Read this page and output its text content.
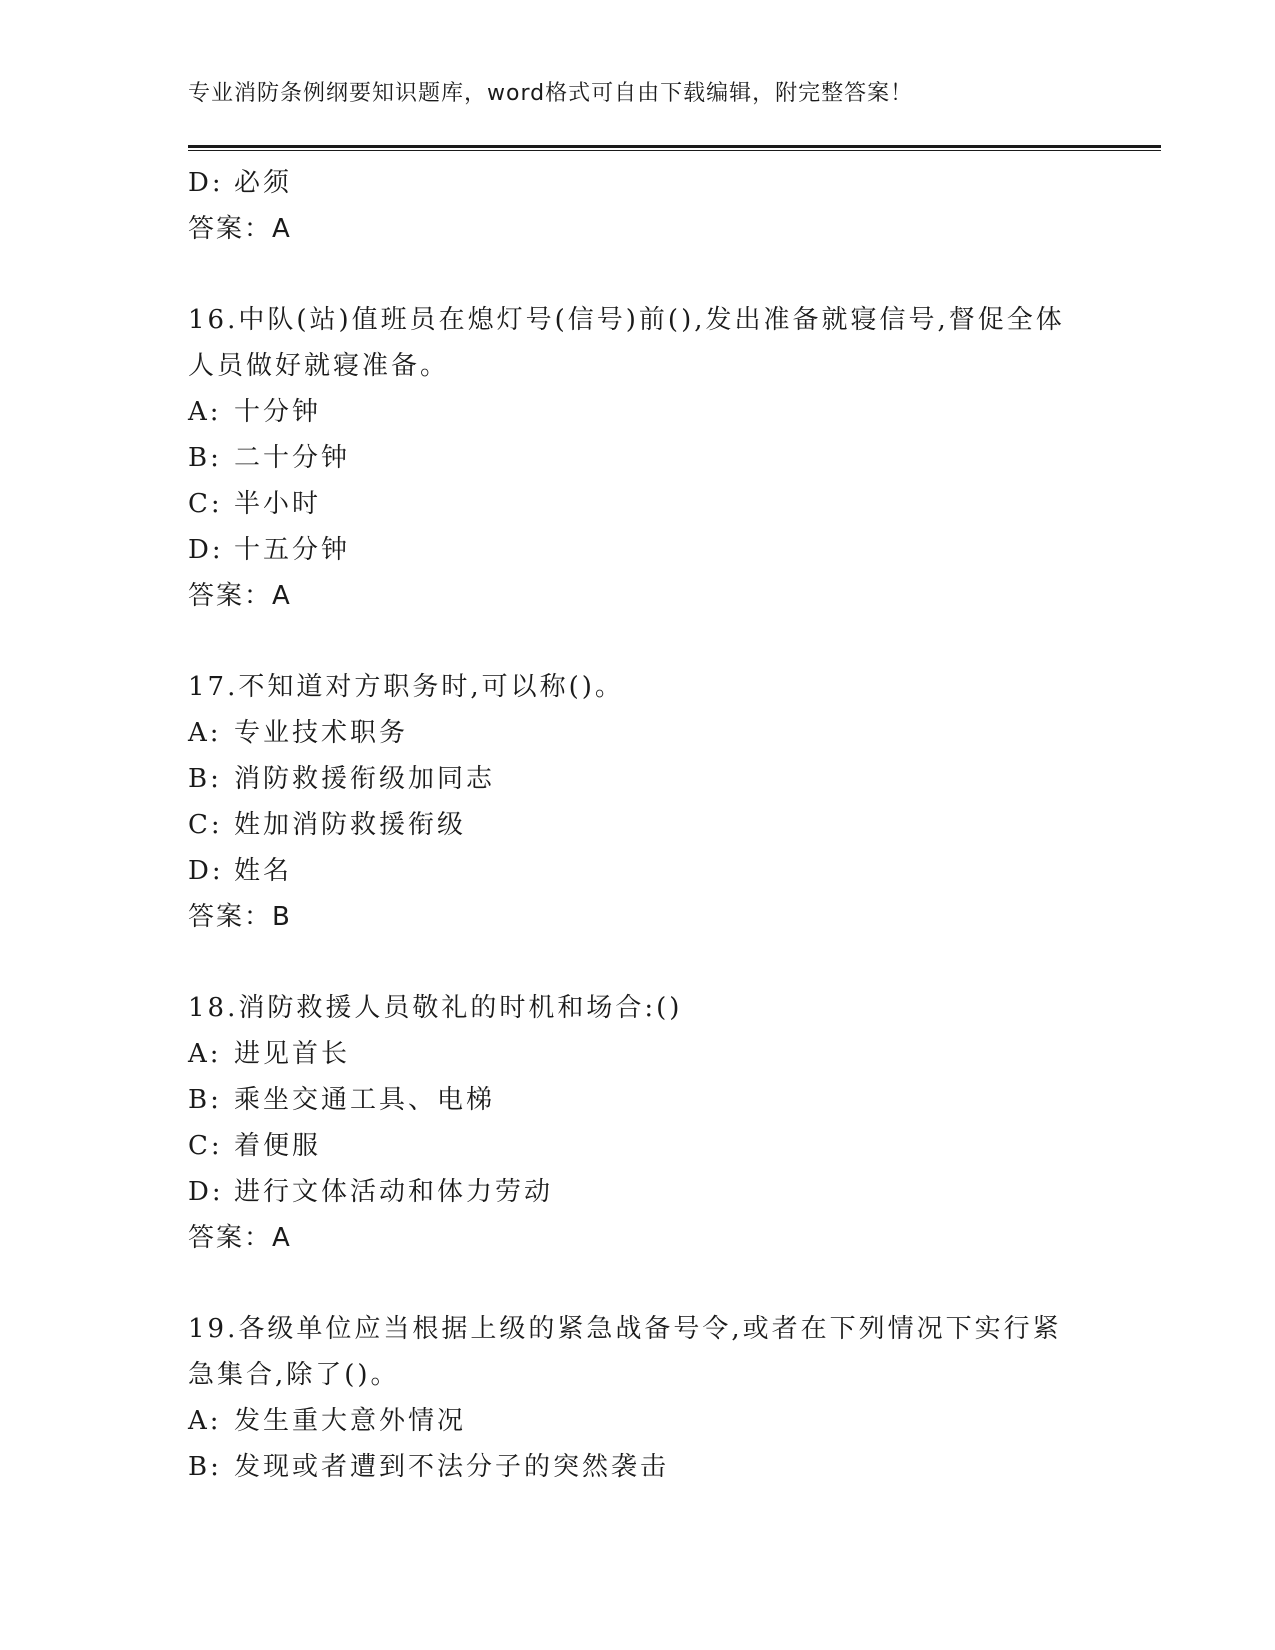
专业消防条例纲要知识题库，word格式可自由下载编辑，附完整答案！
D: 必须
答案：A
16.中队(站)值班员在熄灯号(信号)前(),发出准备就寝信号,督促全体
人员做好就寝准备。
A: 十分钟
B: 二十分钟
C: 半小时
D: 十五分钟
答案：A
17.不知道对方职务时,可以称()。
A: 专业技术职务
B: 消防救援衔级加同志
C: 姓加消防救援衔级
D: 姓名
答案：B
18.消防救援人员敬礼的时机和场合:()
A: 进见首长
B: 乘坐交通工具、电梯
C: 着便服
D: 进行文体活动和体力劳动
答案：A
19.各级单位应当根据上级的紧急战备号令,或者在下列情况下实行紧
急集合,除了()。
A: 发生重大意外情况
B: 发现或者遭到不法分子的突然袭击
